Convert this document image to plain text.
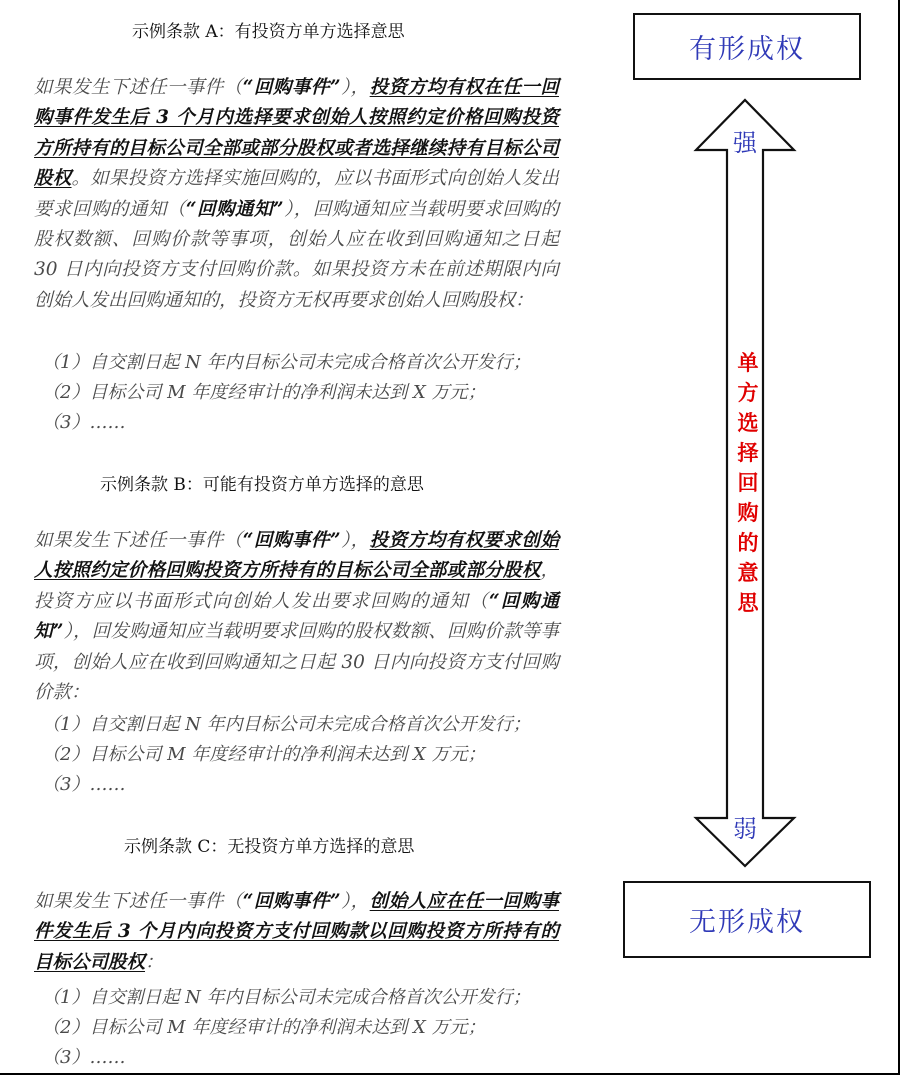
示例条款 A：有投资方单方选择意思
如果发生下述任一事件（“回购事件”），投资方均有权在任一回购事件发生后 3 个月内选择要求创始人按照约定价格回购投资方所持有的目标公司全部或部分股权或者选择继续持有目标公司股权。如果投资方选择实施回购的，应以书面形式向创始人发出要求回购的通知（“回购通知”），回购通知应当载明要求回购的股权数额、回购价款等事项，创始人应在收到回购通知之日起 30 日内向投资方支付回购价款。如果投资方未在前述期限内向创始人发出回购通知的，投资方无权再要求创始人回购股权：
（1）自交割日起 N 年内目标公司未完成合格首次公开发行；
（2）目标公司 M 年度经审计的净利润未达到 X 万元；
（3）……
示例条款 B：可能有投资方单方选择的意思
如果发生下述任一事件（“回购事件”），投资方均有权要求创始人按照约定价格回购投资方所持有的目标公司全部或部分股权，投资方应以书面形式向创始人发出要求回购的通知（“回购通知”），回发购通知应当载明要求回购的股权数额、回购价款等事项，创始人应在收到回购通知之日起 30 日内向投资方支付回购价款：
（1）自交割日起 N 年内目标公司未完成合格首次公开发行；
（2）目标公司 M 年度经审计的净利润未达到 X 万元；
（3）……
示例条款 C：无投资方单方选择的意思
如果发生下述任一事件（“回购事件”），创始人应在任一回购事件发生后 3 个月内向投资方支付回购款以回购投资方所持有的目标公司股权：
（1）自交割日起 N 年内目标公司未完成合格首次公开发行；
（2）目标公司 M 年度经审计的净利润未达到 X 万元；
（3）……
有形成权
强
单
方
选
择
回
购
的
意
思
弱
无形成权
